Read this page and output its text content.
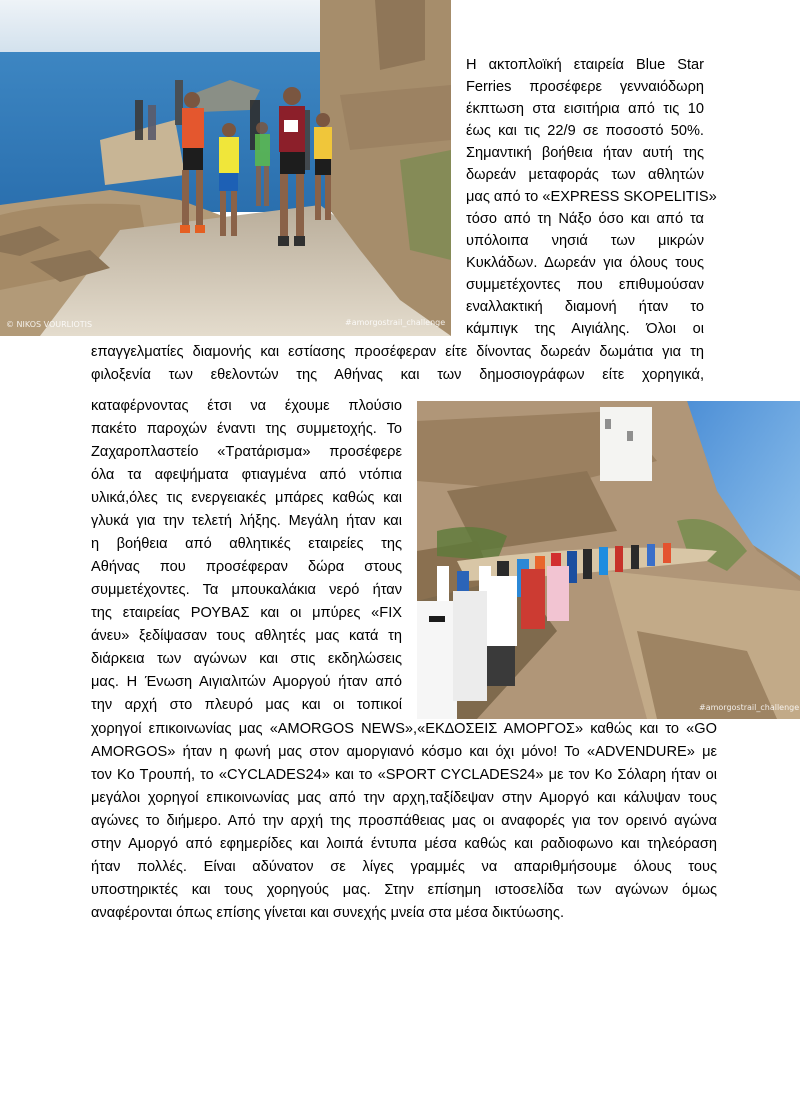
© NIKOS VOURLIOTIS	#amorgostrail_challenge
#amorgostrail_challenge
Η ακτοπλοϊκή εταιρεία Blue Star
Ferries προσέφερε γενναιόδωρη
έκπτωση στα εισιτήρια από τις 10
έως και τις 22/9 σε ποσοστό 50%.
Σημαντική βοήθεια ήταν αυτή της
δωρεάν μεταφοράς των αθλητών
μας από το «EXPRESS SKOPELITIS»
τόσο από τη Νάξο όσο και από τα
υπόλοιπα νησιά των μικρών
Κυκλάδων. Δωρεάν για όλους τους
συμμετέχοντες που επιθυμούσαν
εναλλακτική διαμονή ήταν το
κάμπιγκ της Αιγιάλης. Όλοι οι
επαγγελματίες διαμονής και εστίασης προσέφεραν είτε δίνοντας δωρεάν δωμάτια για τη
φιλοξενία των εθελοντών της Αθήνας και των δημοσιογράφων είτε χορηγικά,
καταφέρνοντας έτσι να έχουμε πλούσιο
πακέτο παροχών έναντι της συμμετοχής. Το
Ζαχαροπλαστείο «Τρατάρισμα» προσέφερε
όλα τα αφεψήματα φτιαγμένα από ντόπια
υλικά,όλες τις ενεργειακές μπάρες καθώς και
γλυκά για την τελετή λήξης. Μεγάλη ήταν και
η βοήθεια από αθλητικές εταιρείες της
Αθήνας που προσέφεραν δώρα στους
συμμετέχοντες. Τα μπουκαλάκια νερό ήταν
της εταιρείας ΡΟΥΒΑΣ και οι μπύρες «FIX
άνευ» ξεδίψασαν τους αθλητές μας κατά τη
διάρκεια των αγώνων και στις εκδηλώσεις
μας. Η Ένωση Αιγιαλιτών Αμοργού ήταν από
την αρχή στο πλευρό μας και οι τοπικοί
χορηγοί επικοινωνίας μας «AMORGOS NEWS»,«ΕΚΔΟΣΕΙΣ ΑΜΟΡΓΟΣ» καθώς και το «GO
AMORGOS» ήταν η φωνή μας στον αμοργιανό κόσμο και όχι μόνο! Το «ADVENDURE» με
τον Κο Τρουπή, το «CYCLADES24» και το «SPORT CYCLADES24» με τον Κο Σόλαρη ήταν οι
μεγάλοι χορηγοί επικοινωνίας μας από την αρχη,ταξίδεψαν στην Αμοργό και κάλυψαν τους
αγώνες το διήμερο. Από την αρχή της προσπάθειας μας οι αναφορές για τον ορεινό αγώνα
στην Αμοργό από εφημερίδες και λοιπά έντυπα μέσα καθώς και ραδιοφωνο και τηλεόραση
ήταν πολλές. Είναι αδύνατον σε λίγες γραμμές να απαριθμήσουμε όλους τους
υποστηρικτές και τους χορηγούς μας. Στην επίσημη ιστοσελίδα των αγώνων όμως
αναφέρονται όπως επίσης γίνεται και συνεχής μνεία στα μέσα δικτύωσης.
